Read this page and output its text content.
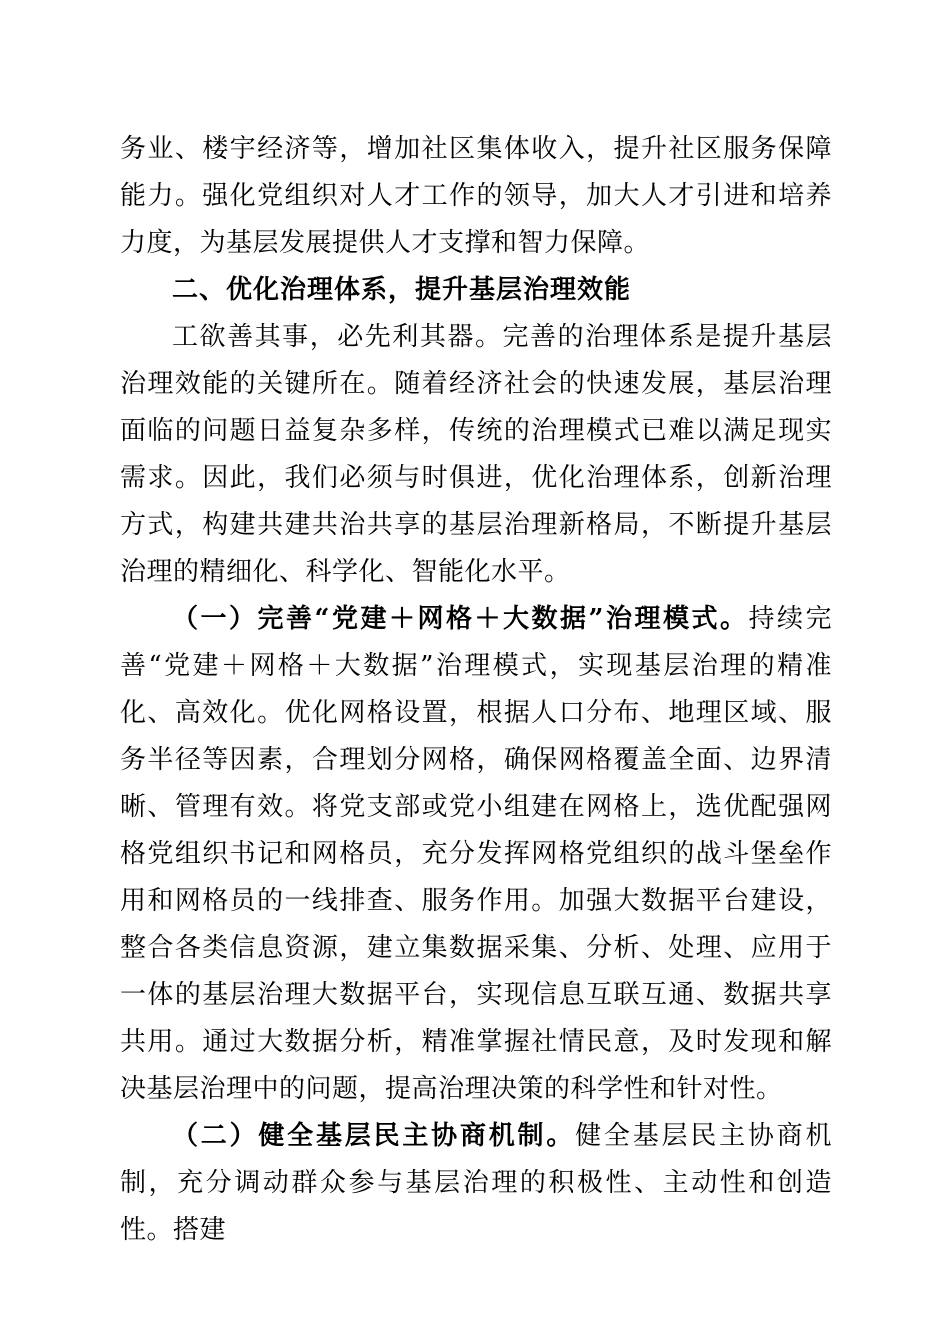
务业、楼宇经济等，增加社区集体收入，提升社区服务保障能力。强化党组织对人才工作的领导，加大人才引进和培养力度，为基层发展提供人才支撑和智力保障。

二、优化治理体系，提升基层治理效能

工欲善其事，必先利其器。完善的治理体系是提升基层治理效能的关键所在。随着经济社会的快速发展，基层治理面临的问题日益复杂多样，传统的治理模式已难以满足现实需求。因此，我们必须与时俱进，优化治理体系，创新治理方式，构建共建共治共享的基层治理新格局，不断提升基层治理的精细化、科学化、智能化水平。

（一）完善“党建＋网格＋大数据”治理模式。持续完善“党建＋网格＋大数据”治理模式，实现基层治理的精准化、高效化。优化网格设置，根据人口分布、地理区域、服务半径等因素，合理划分网格，确保网格覆盖全面、边界清晰、管理有效。将党支部或党小组建在网格上，选优配强网格党组织书记和网格员，充分发挥网格党组织的战斗堡垒作用和网格员的一线排查、服务作用。加强大数据平台建设，整合各类信息资源，建立集数据采集、分析、处理、应用于一体的基层治理大数据平台，实现信息互联互通、数据共享共用。通过大数据分析，精准掌握社情民意，及时发现和解决基层治理中的问题，提高治理决策的科学性和针对性。

（二）健全基层民主协商机制。健全基层民主协商机制，充分调动群众参与基层治理的积极性、主动性和创造性。搭建
